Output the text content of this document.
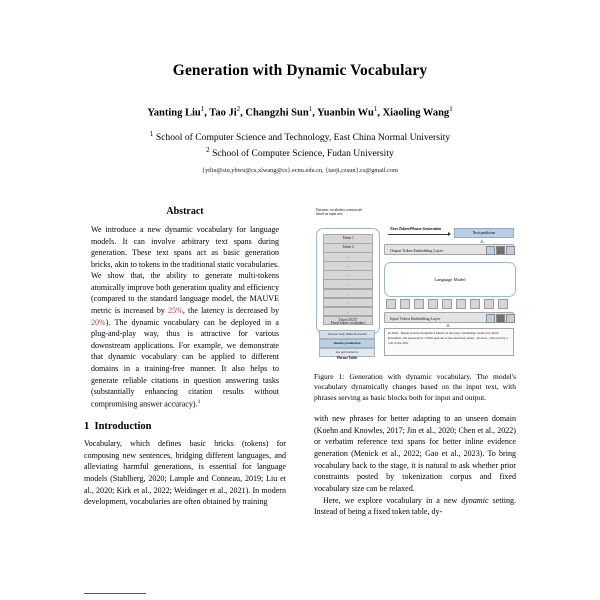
Generation with Dynamic Vocabulary
Yanting Liu$^1$, Tao Ji$^2$, Changzhi Sun$^1$, Yuanbin Wu$^1$, Xiaoling Wang$^1$
$^1$ School of Computer Science and Technology, East China Normal University
$^2$ School of Computer Science, Fudan University
{ytliu@stu,ybwu@cs,xlwang@cs}.ecnu.edu.cn, {taoji,czsun}.cs@gmail.com
Abstract

We introduce a new dynamic vocabulary for language models. It can involve arbitrary text spans during generation. These text spans act as basic generation bricks, akin to tokens in the traditional static vocabularies. We show that, the ability to generate multi-tokens atomically improve both generation quality and efficiency (compared to the standard language model, the MAUVE metric is increased by 25%, the latency is decreased by 20%). The dynamic vocabulary can be deployed in a plug-and-play way, thus is attractive for various downstream applications. For example, we demonstrate that dynamic vocabulary can be applied to different domains in a training-free manner. It also helps to generate reliable citations in question answering tasks (substantially enhancing citation results without compromising answer accuracy).$^1$

1 Introduction

Vocabulary, which defines basic bricks (tokens) for composing new sentences, bridging different languages, and alleviating harmful generations, is essential for language models (Stahlberg, 2020; Lample and Conneau, 2019; Liu et al., 2020; Kirk et al., 2022; Weidinger et al., 2021). In modern development, vocabularies are often obtained by training

Dynamic vocabulary constructed
based on input text
Token 1
Token 2
...
...
...
...
...
...
...
Token 50257
Fixed token vocabulary
Actress Jody Mark Rotweild
theatre production
has performed at
Phrase Table
Next Token/Phrase Generation
Next prediction
Output Token Embedding Layer
Language Model
Input Token Embedding Layer
In 2016 , Beuter starred alongside 9 fathers in the play Citizenship, written by Mark Ravenhill . He appeared in a 2016 episode of the television series , Doctors , followed by a role in the 2011
Figure 1: Generation with dynamic vocabulary. The model's vocabulary dynamically changes based on the input text, with phrases serving as basic blocks both for input and output.

with new phrases for better adapting to an unseen domain (Koehn and Knowles, 2017; Jin et al., 2020; Chen et al., 2022) or verbatim reference text spans for better inline evidence generation (Menick et al., 2022; Gao et al., 2023). To bring vocabulary back to the stage, it is natural to ask whether prior constraints posted by tokenization corpus and fixed vocabulary size can be relaxed.

Here, we explore vocabulary in a new dynamic setting. Instead of being a fixed token table, dy-
